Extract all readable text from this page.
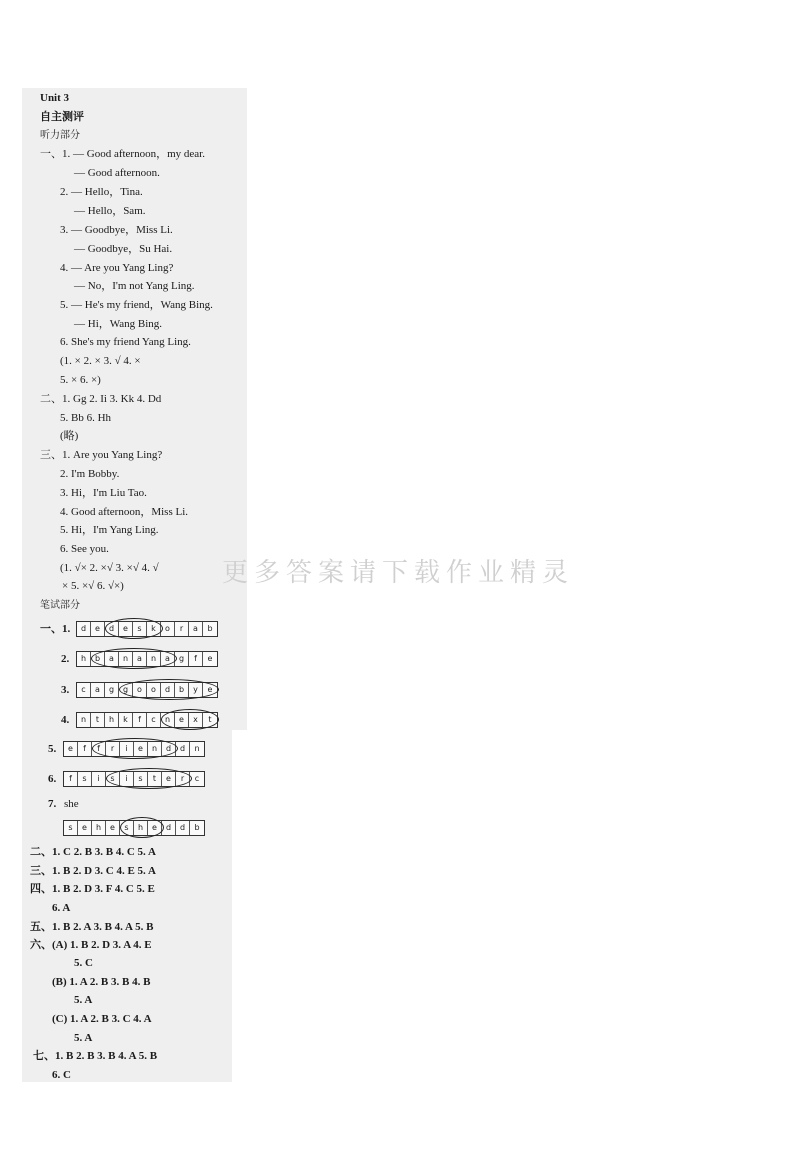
Unit 3
自主测评
听力部分
一、1. — Good afternoon，my dear.
— Good afternoon.
2. — Hello，Tina.
— Hello，Sam.
3. — Goodbye，Miss Li.
— Goodbye，Su Hai.
4. — Are you Yang Ling?
— No，I'm not Yang Ling.
5. — He's my friend，Wang Bing.
— Hi，Wang Bing.
6. She's my friend Yang Ling.
(1. × 2. × 3. √ 4. ×
5. × 6. ×)
二、1. Gg 2. Ii 3. Kk 4. Dd
5. Bb 6. Hh
(略)
三、1. Are you Yang Ling?
2. I'm Bobby.
3. Hi，I'm Liu Tao.
4. Good afternoon，Miss Li.
5. Hi，I'm Yang Ling.
6. See you.
(1. √× 2. ×√ 3. ×√ 4. √
× 5. ×√ 6. √×)	更多答案请下载作业精灵
笔试部分
一、1.	d	e	d	e	s	k	o	r	a	b
2.	h	b	a	n	a	n	a	g	f	e
3.	c	a	g	g	o	o	d	b	y	e
4.	n	t	h	k	f	c	n	e	x	t
5.	e	f	f	r	i	e	n	d	d	n
6.	f	s	i	s	i	s	t	e	r	c
7. she
s	e	h	e	s	h	e	d	d	b
二、1. C 2. B 3. B 4. C 5. A
三、1. B 2. D 3. C 4. E 5. A
四、1. B 2. D 3. F 4. C 5. E
6. A
五、1. B 2. A 3. B 4. A 5. B
六、(A) 1. B 2. D 3. A 4. E
5. C
(B) 1. A 2. B 3. B 4. B
5. A
(C) 1. A 2. B 3. C 4. A
5. A
七、1. B 2. B 3. B 4. A 5. B
6. C
